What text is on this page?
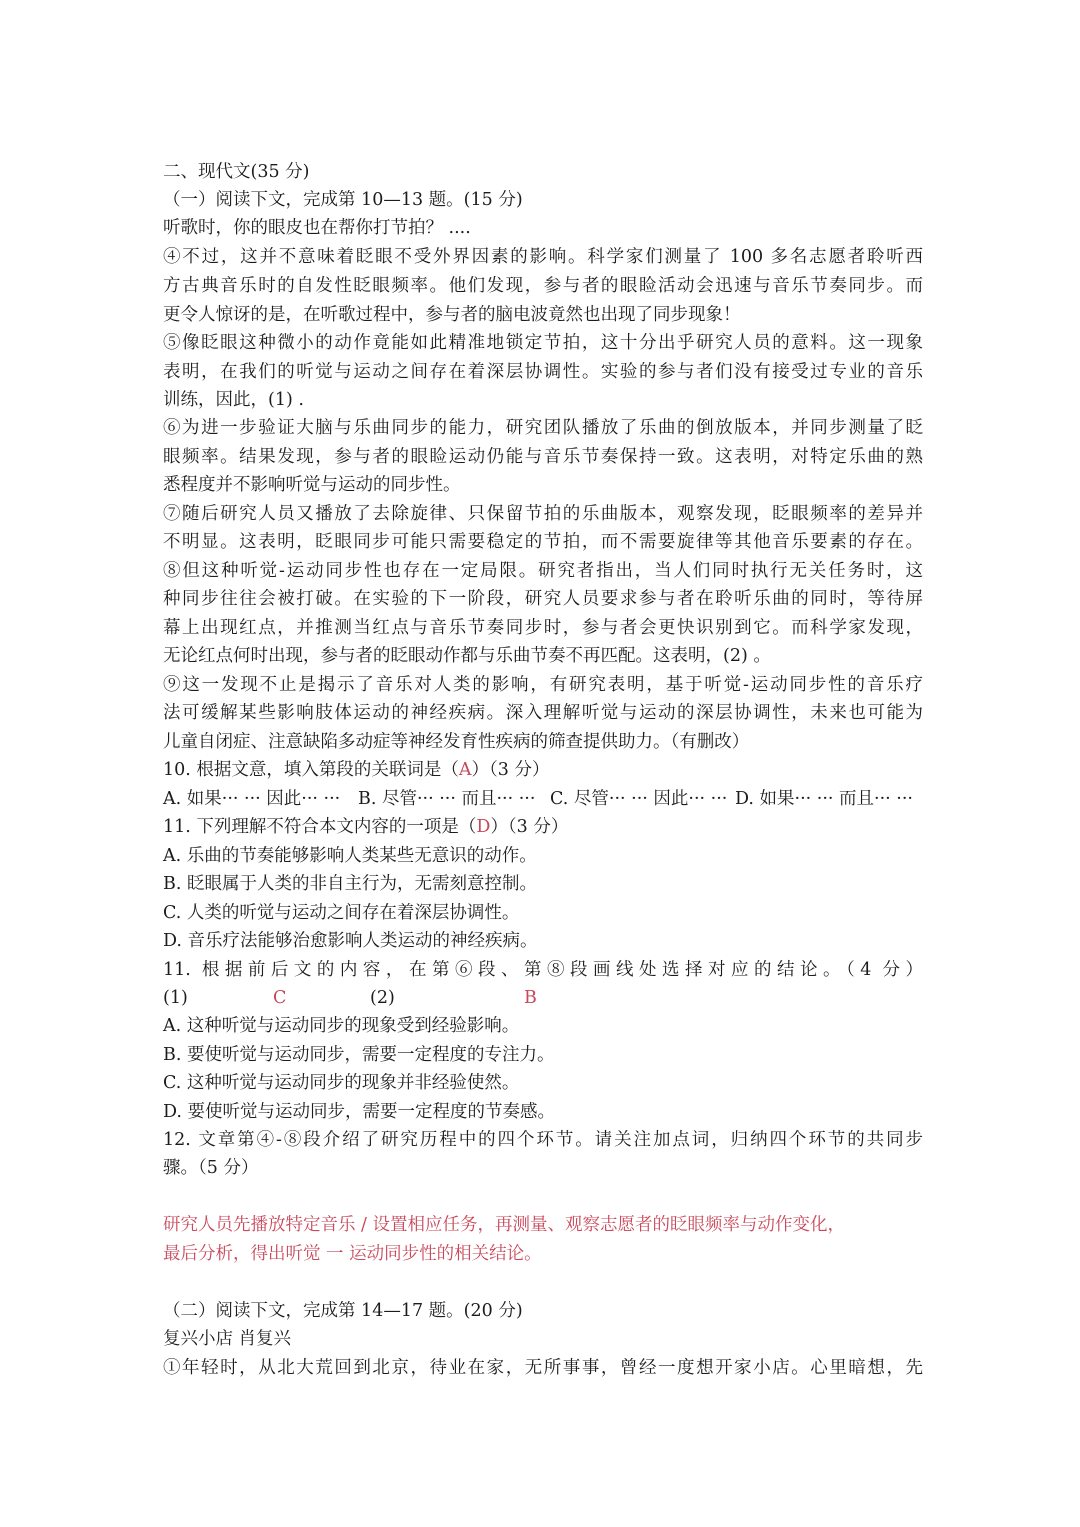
二、现代文(35 分)
（一）阅读下文，完成第 10—13 题。(15 分)
听歌时，你的眼皮也在帮你打节拍？ ....
④不过，这并不意味着眨眼不受外界因素的影响。科学家们测量了 100 多名志愿者聆听西
方古典音乐时的自发性眨眼频率。他们发现，参与者的眼睑活动会迅速与音乐节奏同步。而
更令人惊讶的是，在听歌过程中，参与者的脑电波竟然也出现了同步现象！
⑤像眨眼这种微小的动作竟能如此精准地锁定节拍，这十分出乎研究人员的意料。这一现象
表明，在我们的听觉与运动之间存在着深层协调性。实验的参与者们没有接受过专业的音乐
训练，因此，(1) .
⑥为进一步验证大脑与乐曲同步的能力，研究团队播放了乐曲的倒放版本，并同步测量了眨
眼频率。结果发现，参与者的眼睑运动仍能与音乐节奏保持一致。这表明，对特定乐曲的熟
悉程度并不影响听觉与运动的同步性。
⑦随后研究人员又播放了去除旋律、只保留节拍的乐曲版本，观察发现，眨眼频率的差异并
不明显。这表明，眨眼同步可能只需要稳定的节拍，而不需要旋律等其他音乐要素的存在。
⑧但这种听觉-运动同步性也存在一定局限。研究者指出，当人们同时执行无关任务时，这
种同步往往会被打破。在实验的下一阶段，研究人员要求参与者在聆听乐曲的同时，等待屏
幕上出现红点，并推测当红点与音乐节奏同步时，参与者会更快识别到它。而科学家发现，
无论红点何时出现，参与者的眨眼动作都与乐曲节奏不再匹配。这表明，(2) 。
⑨这一发现不止是揭示了音乐对人类的影响，有研究表明，基于听觉-运动同步性的音乐疗
法可缓解某些影响肢体运动的神经疾病。深入理解听觉与运动的深层协调性，未来也可能为
儿童自闭症、注意缺陷多动症等神经发育性疾病的筛查提供助力。（有删改）
10. 根据文意，填入第段的关联词是（A）（3 分）
A. 如果··· ··· 因此··· ··· B. 尽管··· ··· 而且··· ··· C. 尽管··· ··· 因此··· ··· D. 如果··· ··· 而且··· ···
11. 下列理解不符合本文内容的一项是（D）（3 分）
A. 乐曲的节奏能够影响人类某些无意识的动作。
B. 眨眼属于人类的非自主行为，无需刻意控制。
C. 人类的听觉与运动之间存在着深层协调性。
D. 音乐疗法能够治愈影响人类运动的神经疾病。
11. 根据前后文的内容，在第⑥段、第⑧段画线处选择对应的结论。（4 分）
(1)	C	(2)	B
A. 这种听觉与运动同步的现象受到经验影响。
B. 要使听觉与运动同步，需要一定程度的专注力。
C. 这种听觉与运动同步的现象并非经验使然。
D. 要使听觉与运动同步，需要一定程度的节奏感。
12. 文章第④-⑧段介绍了研究历程中的四个环节。请关注加点词，归纳四个环节的共同步
骤。（5 分）
研究人员先播放特定音乐 / 设置相应任务，再测量、观察志愿者的眨眼频率与动作变化，
最后分析，得出听觉 一 运动同步性的相关结论。
（二）阅读下文，完成第 14—17 题。(20 分)
复兴小店 肖复兴
①年轻时，从北大荒回到北京，待业在家，无所事事，曾经一度想开家小店。心里暗想，先
